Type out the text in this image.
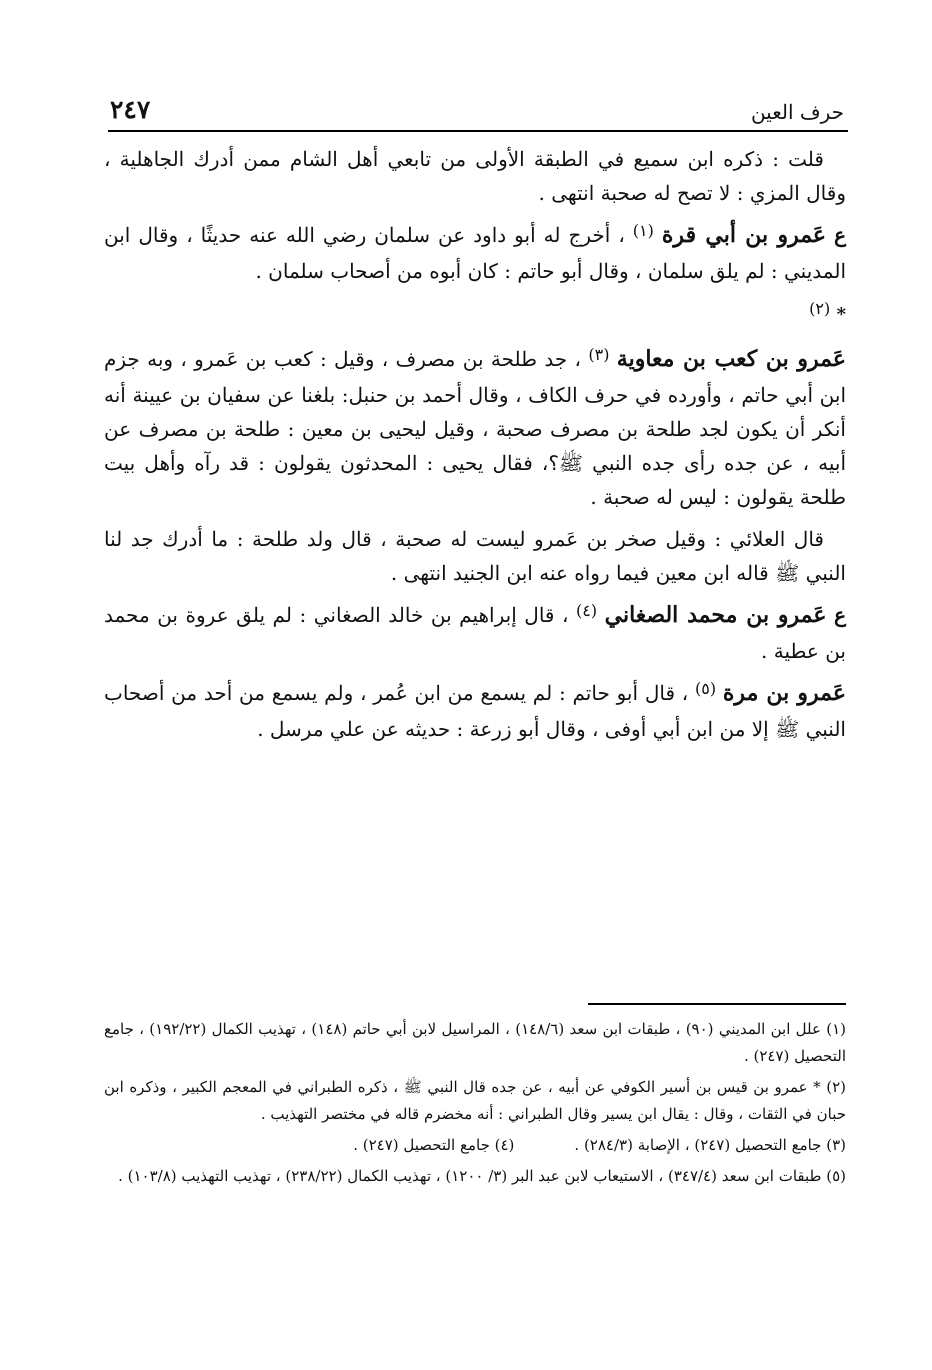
حرف العين
٢٤٧

قلت : ذكره ابن سميع في الطبقة الأولى من تابعي أهل الشام ممن أدرك الجاهلية ، وقال المزي : لا تصح له صحبة انتهى .

ع عَمرو بن أبي قرة $^{(١)}$ ، أخرج له أبو داود عن سلمان رضي الله عنه حديثًا ، وقال ابن المديني : لم يلق سلمان ، وقال أبو حاتم : كان أبوه من أصحاب سلمان .

* $^{(٢)}$

عَمرو بن كعب بن معاوية $^{(٣)}$ ، جد طلحة بن مصرف ، وقيل : كعب بن عَمرو ، وبه جزم ابن أبي حاتم ، وأورده في حرف الكاف ، وقال أحمد بن حنبل: بلغنا عن سفيان بن عيينة أنه أنكر أن يكون لجد طلحة بن مصرف صحبة ، وقيل ليحيى بن معين : طلحة بن مصرف عن أبيه ، عن جده رأى جده النبي ﷺ؟، فقال يحيى : المحدثون يقولون : قد رآه وأهل بيت طلحة يقولون : ليس له صحبة .

قال العلائي : وقيل صخر بن عَمرو ليست له صحبة ، قال ولد طلحة : ما أدرك جد لنا النبي ﷺ قاله ابن معين فيما رواه عنه ابن الجنيد انتهى .

ع عَمرو بن محمد الصغاني $^{(٤)}$ ، قال إبراهيم بن خالد الصغاني : لم يلق عروة بن محمد بن عطية .

عَمرو بن مرة $^{(٥)}$ ، قال أبو حاتم : لم يسمع من ابن عُمر ، ولم يسمع من أحد من أصحاب النبي ﷺ إلا من ابن أبي أوفى ، وقال أبو زرعة : حديثه عن علي مرسل .

(١) علل ابن المديني (٩٠) ، طبقات ابن سعد (١٤٨/٦) ، المراسيل لابن أبي حاتم (١٤٨) ، تهذيب الكمال (١٩٢/٢٢) ، جامع التحصيل (٢٤٧) .

(٢) * عمرو بن قيس بن أسير الكوفي عن أبيه ، عن جده قال النبي ﷺ ، ذكره الطبراني في المعجم الكبير ، وذكره ابن حبان في الثقات ، وقال : يقال ابن يسير وقال الطبراني : أنه مخضرم قاله في مختصر التهذيب .

(٣) جامع التحصيل (٢٤٧) ، الإصابة (٢٨٤/٣) .
(٤) جامع التحصيل (٢٤٧) .

(٥) طبقات ابن سعد (٣٤٧/٤) ، الاستيعاب لابن عبد البر (٣/ ١٢٠٠) ، تهذيب الكمال (٢٣٨/٢٢) ، تهذيب التهذيب (١٠٣/٨) .
